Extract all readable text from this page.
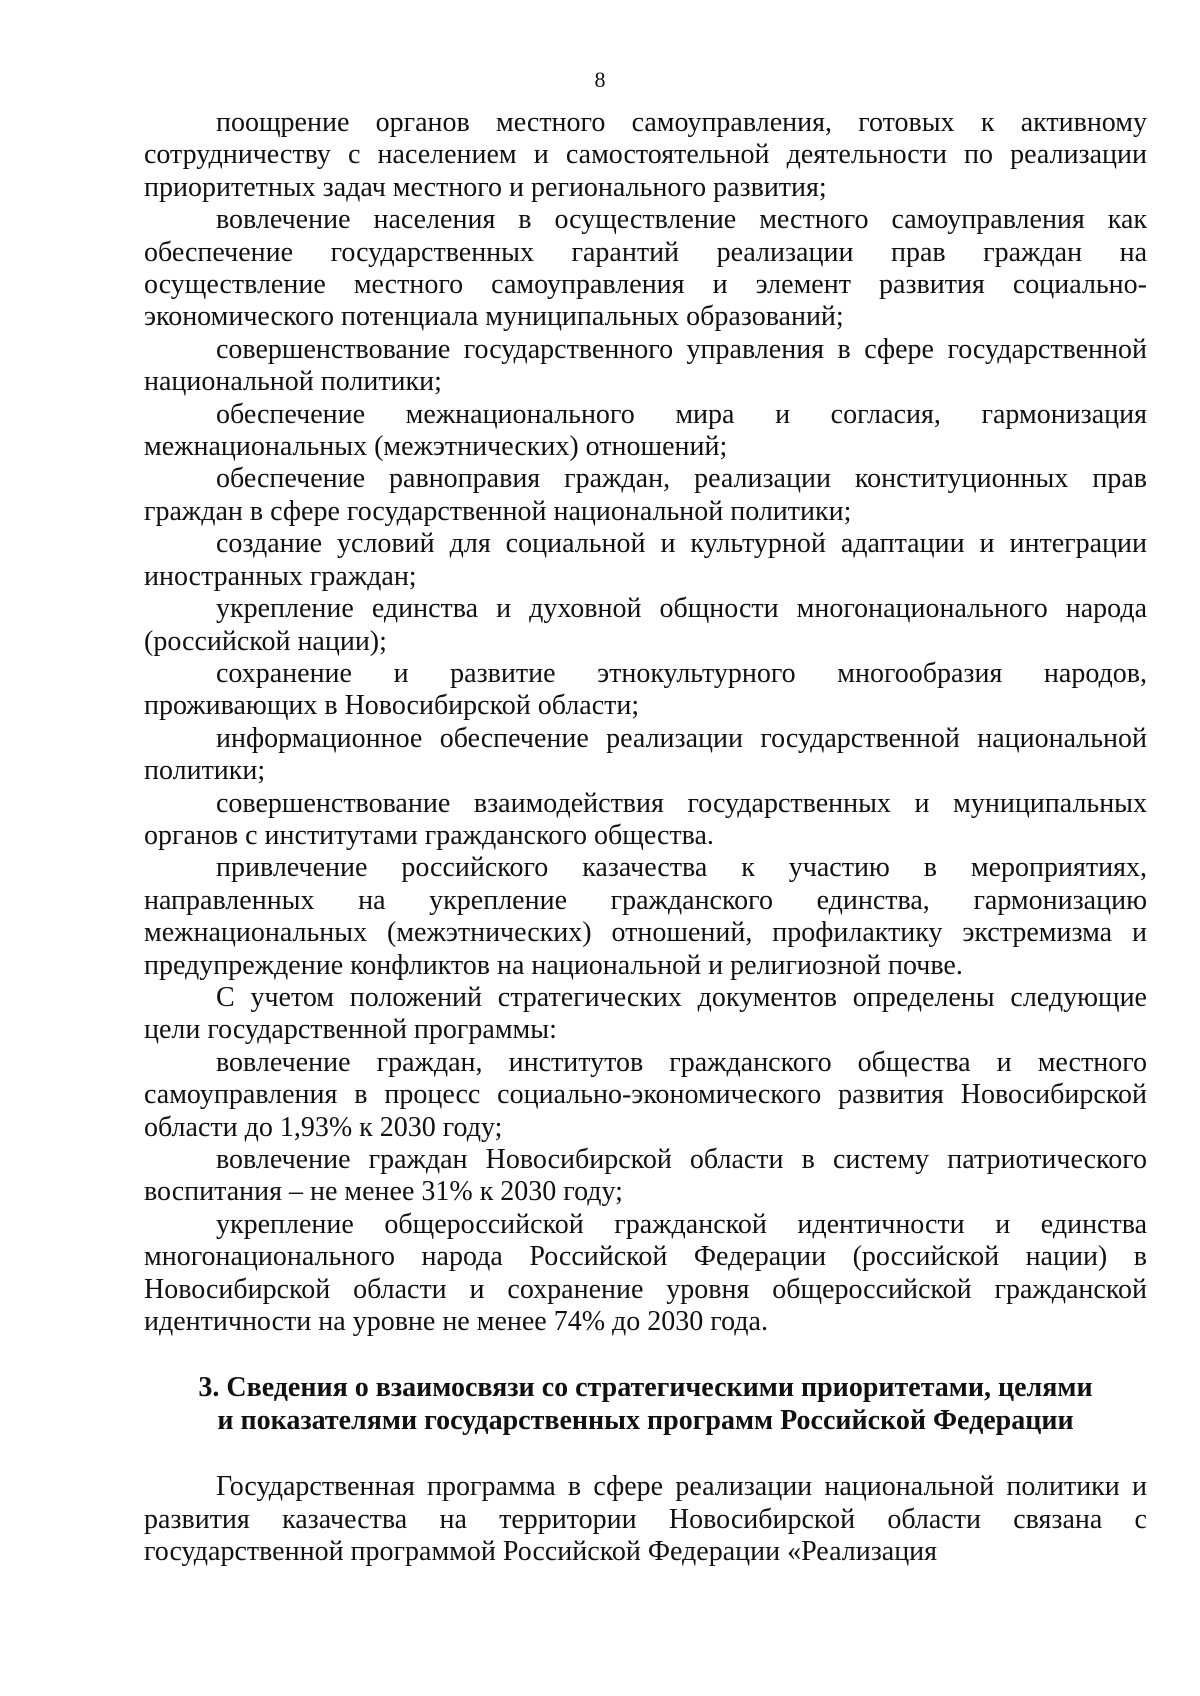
8

поощрение органов местного самоуправления, готовых к активному сотрудничеству с населением и самостоятельной деятельности по реализации приоритетных задач местного и регионального развития;

вовлечение населения в осуществление местного самоуправления как обеспечение государственных гарантий реализации прав граждан на осуществление местного самоуправления и элемент развития социально-экономического потенциала муниципальных образований;

совершенствование государственного управления в сфере государственной национальной политики;

обеспечение межнационального мира и согласия, гармонизация межнациональных (межэтнических) отношений;

обеспечение равноправия граждан, реализации конституционных прав граждан в сфере государственной национальной политики;

создание условий для социальной и культурной адаптации и интеграции иностранных граждан;

укрепление единства и духовной общности многонационального народа (российской нации);

сохранение и развитие этнокультурного многообразия народов, проживающих в Новосибирской области;

информационное обеспечение реализации государственной национальной политики;

совершенствование взаимодействия государственных и муниципальных органов с институтами гражданского общества.

привлечение российского казачества к участию в мероприятиях, направленных на укрепление гражданского единства, гармонизацию межнациональных (межэтнических) отношений, профилактику экстремизма и предупреждение конфликтов на национальной и религиозной почве.

С учетом положений стратегических документов определены следующие цели государственной программы:

вовлечение граждан, институтов гражданского общества и местного самоуправления в процесс социально-экономического развития Новосибирской области до 1,93% к 2030 году;

вовлечение граждан Новосибирской области в систему патриотического воспитания – не менее 31% к 2030 году;

укрепление общероссийской гражданской идентичности и единства многонационального народа Российской Федерации (российской нации) в Новосибирской области и сохранение уровня общероссийской гражданской идентичности на уровне не менее 74% до 2030 года.

3. Сведения о взаимосвязи со стратегическими приоритетами, целями
и показателями государственных программ Российской Федерации

Государственная программа в сфере реализации национальной политики и развития казачества на территории Новосибирской области связана с государственной программой Российской Федерации «Реализация
